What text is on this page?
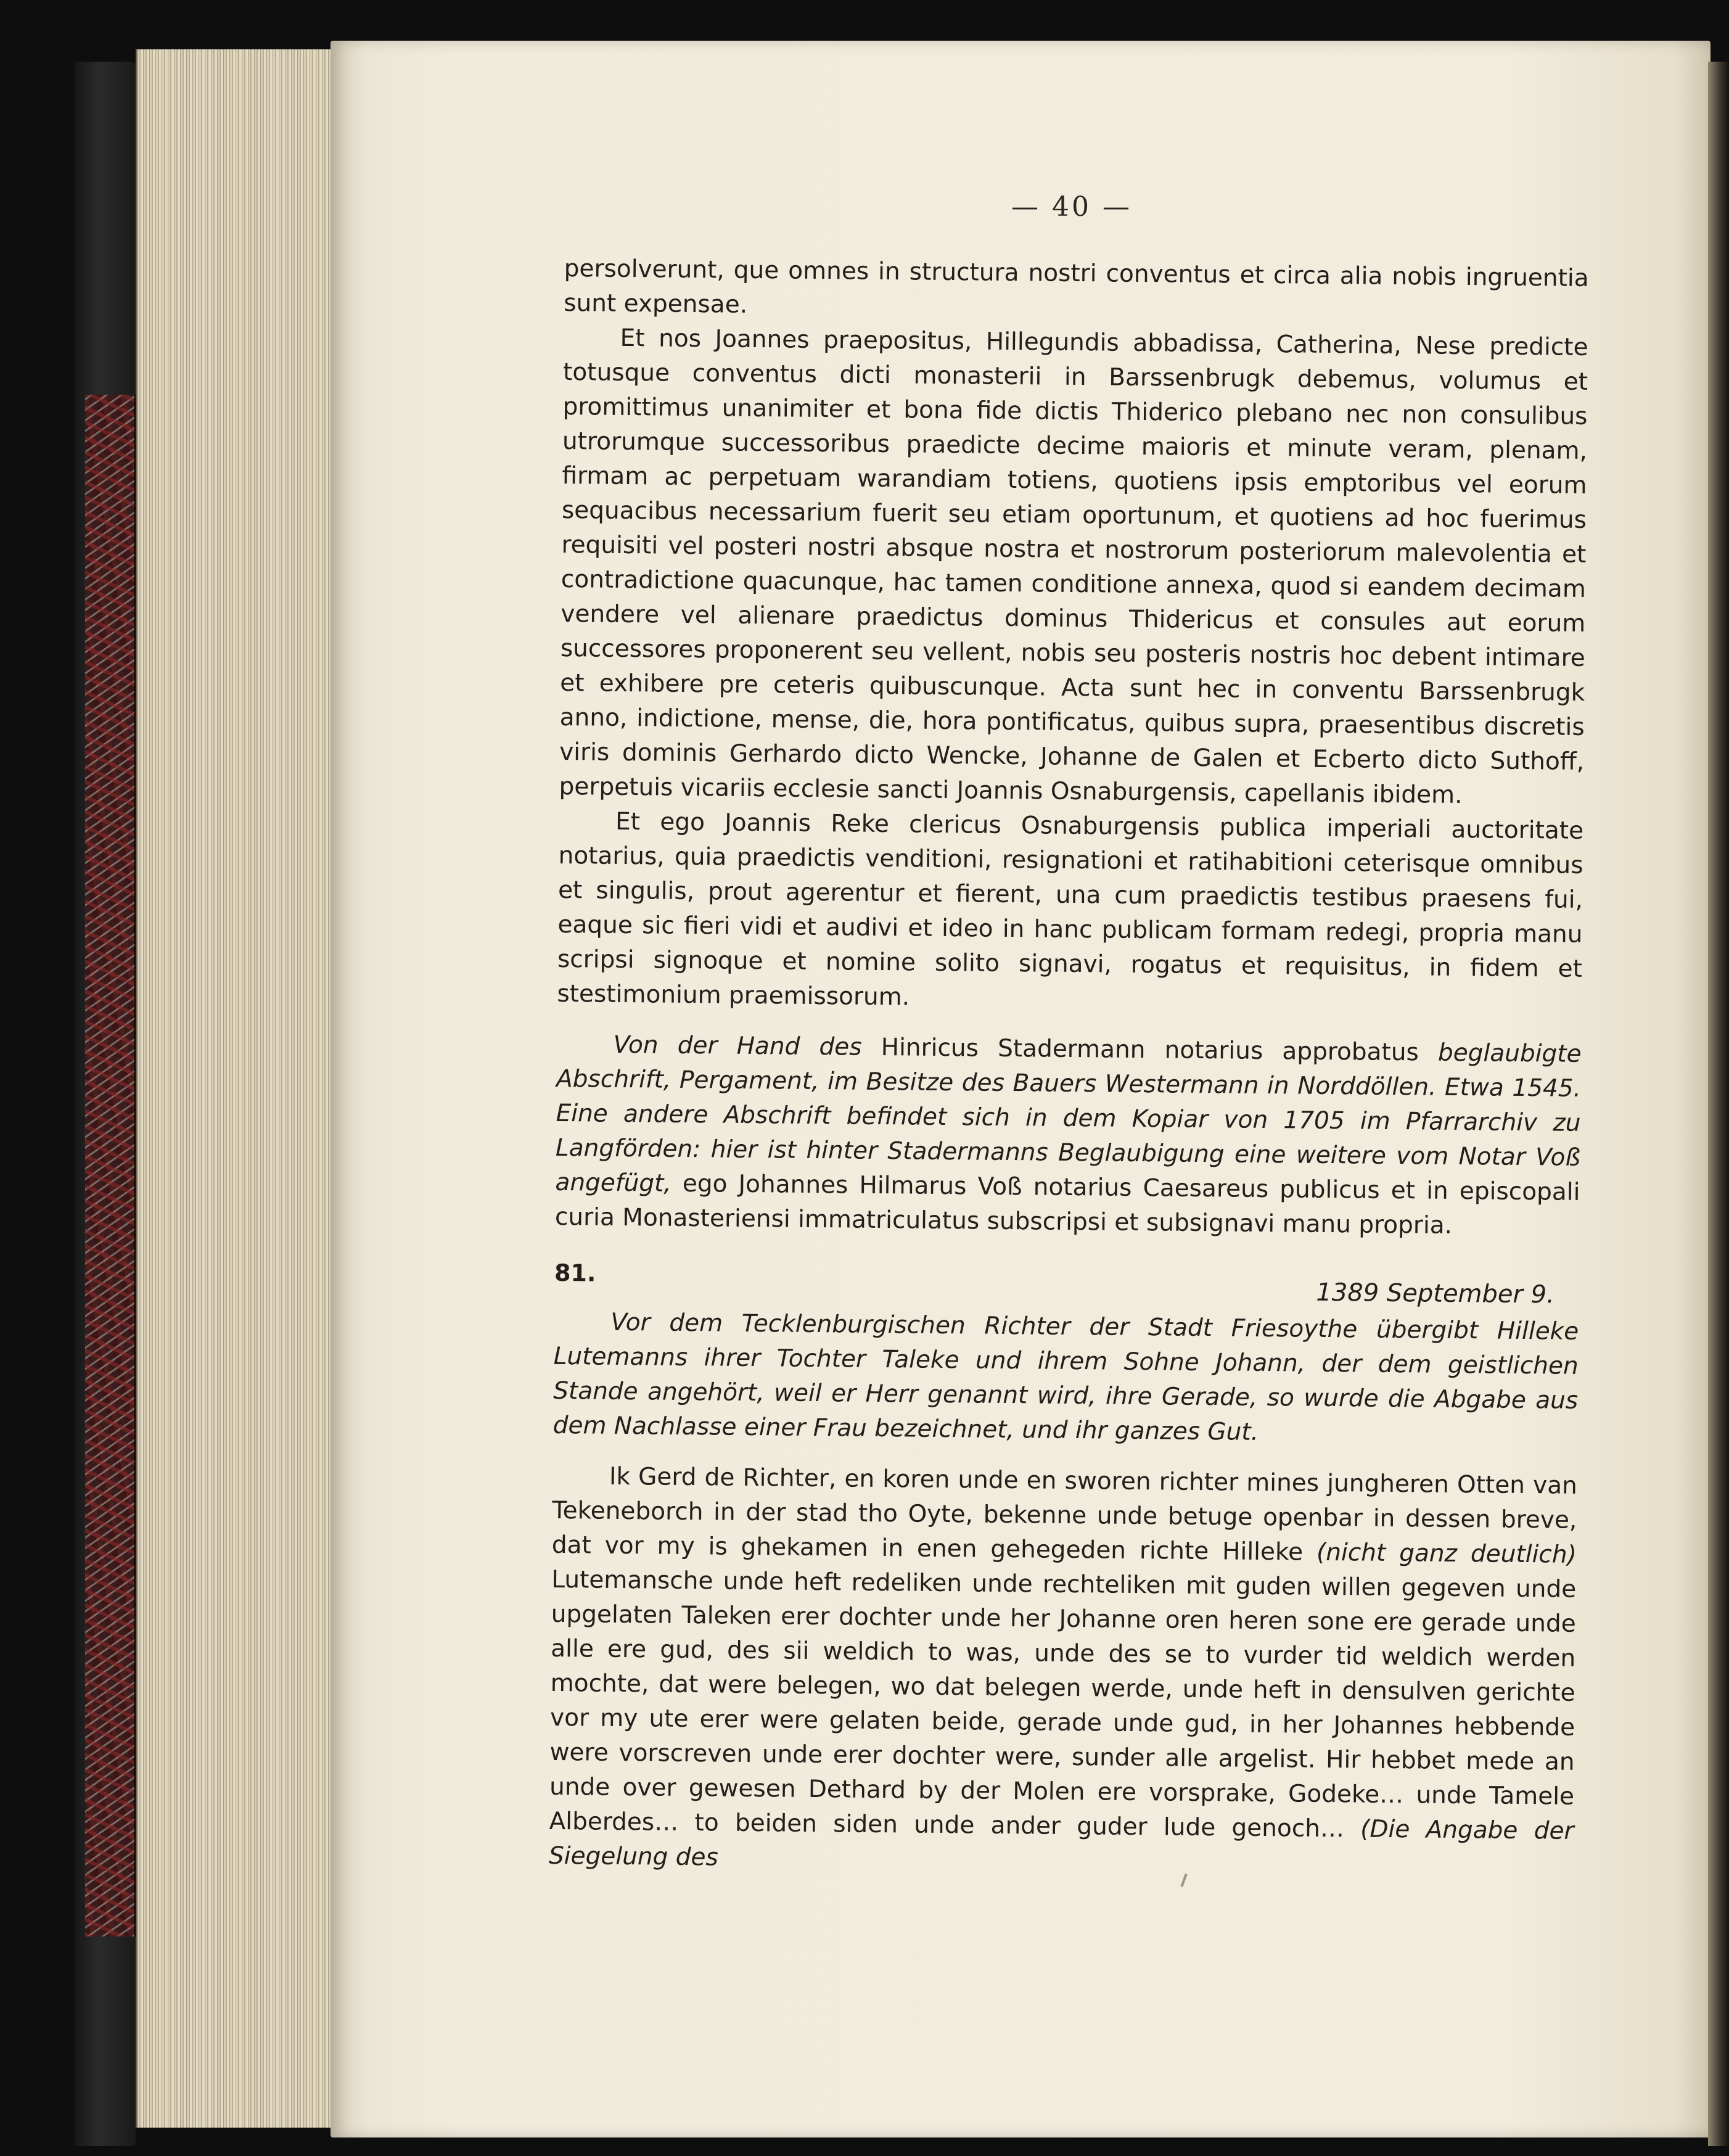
— 40 —

persolverunt, que omnes in structura nostri conventus et circa alia nobis ingruentia sunt expensae.

Et nos Joannes praepositus, Hillegundis abbadissa, Catherina, Nese predicte totusque conventus dicti monasterii in Barssenbrugk debemus, volumus et promittimus unanimiter et bona fide dictis Thiderico plebano nec non consulibus utrorumque successoribus praedicte decime maioris et minute veram, plenam, firmam ac perpetuam warandiam totiens, quotiens ipsis emptoribus vel eorum sequacibus necessarium fuerit seu etiam oportunum, et quotiens ad hoc fuerimus requisiti vel posteri nostri absque nostra et nostrorum posteriorum malevolentia et contradictione quacunque, hac tamen conditione annexa, quod si eandem decimam vendere vel alienare praedictus dominus Thidericus et consules aut eorum successores proponerent seu vellent, nobis seu posteris nostris hoc debent intimare et exhibere pre ceteris quibuscunque. Acta sunt hec in conventu Barssenbrugk anno, indictione, mense, die, hora pontificatus, quibus supra, praesentibus discretis viris dominis Gerhardo dicto Wencke, Johanne de Galen et Ecberto dicto Suthoff, perpetuis vicariis ecclesie sancti Joannis Osnaburgensis, capellanis ibidem.

Et ego Joannis Reke clericus Osnaburgensis publica imperiali auctoritate notarius, quia praedictis venditioni, resignationi et ratihabitioni ceterisque omnibus et singulis, prout agerentur et fierent, una cum praedictis testibus praesens fui, eaque sic fieri vidi et audivi et ideo in hanc publicam formam redegi, propria manu scripsi signoque et nomine solito signavi, rogatus et requisitus, in fidem et stestimonium praemissorum.

Von der Hand des Hinricus Stadermann notarius approbatus beglaubigte Abschrift, Pergament, im Besitze des Bauers Westermann in Norddöllen. Etwa 1545. Eine andere Abschrift befindet sich in dem Kopiar von 1705 im Pfarrarchiv zu Langförden: hier ist hinter Stadermanns Beglaubigung eine weitere vom Notar Voß angefügt, ego Johannes Hilmarus Voß notarius Caesareus publicus et in episcopali curia Monasteriensi immatriculatus subscripsi et subsignavi manu propria.

81.
1389 September 9.

Vor dem Tecklenburgischen Richter der Stadt Friesoythe übergibt Hilleke Lutemanns ihrer Tochter Taleke und ihrem Sohne Johann, der dem geistlichen Stande angehört, weil er Herr genannt wird, ihre Gerade, so wurde die Abgabe aus dem Nachlasse einer Frau bezeichnet, und ihr ganzes Gut.

Ik Gerd de Richter, en koren unde en sworen richter mines jungheren Otten van Tekeneborch in der stad tho Oyte, bekenne unde betuge openbar in dessen breve, dat vor my is ghekamen in enen gehegeden richte Hilleke (nicht ganz deutlich) Lutemansche unde heft redeliken unde rechteliken mit guden willen gegeven unde upgelaten Taleken erer dochter unde her Johanne oren heren sone ere gerade unde alle ere gud, des sii weldich to was, unde des se to vurder tid weldich werden mochte, dat were belegen, wo dat belegen werde, unde heft in densulven gerichte vor my ute erer were gelaten beide, gerade unde gud, in her Johannes hebbende were vorscreven unde erer dochter were, sunder alle argelist. Hir hebbet mede an unde over gewesen Dethard by der Molen ere vorsprake, Godeke… unde Tamele Alberdes… to beiden siden unde ander guder lude genoch… (Die Angabe der Siegelung des
